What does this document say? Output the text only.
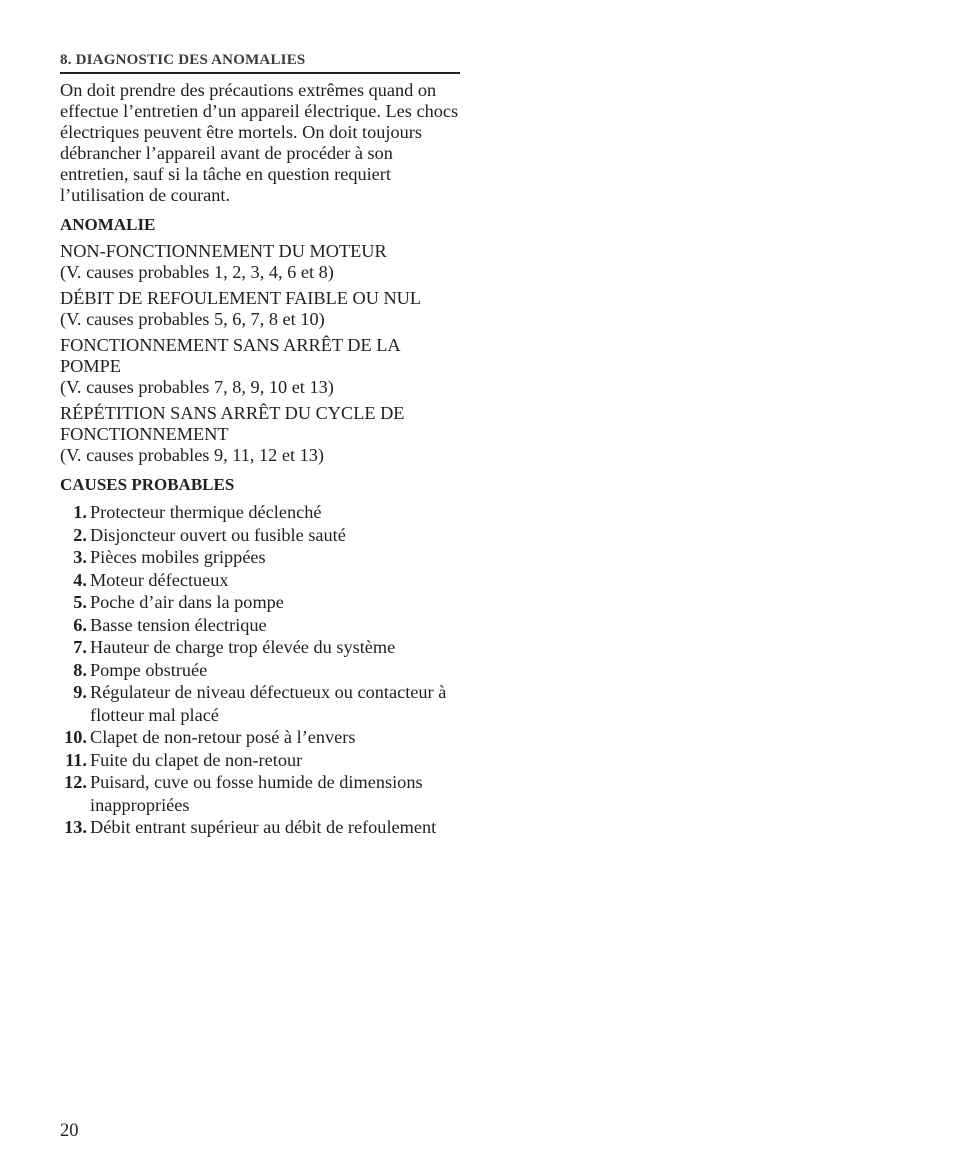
8. DIAGNOSTIC DES ANOMALIES

On doit prendre des précautions extrêmes quand on effectue l’entretien d’un appareil électrique. Les chocs électriques peuvent être mortels. On doit toujours débrancher l’appareil avant de procéder à son entretien, sauf si la tâche en question requiert l’utilisation de courant.

ANOMALIE
NON-FONCTIONNEMENT DU MOTEUR
(V. causes probables 1, 2, 3, 4, 6 et 8)
DÉBIT DE REFOULEMENT FAIBLE OU NUL
(V. causes probables 5, 6, 7, 8 et 10)
FONCTIONNEMENT SANS ARRÊT DE LA POMPE
(V. causes probables 7, 8, 9, 10 et 13)
RÉPÉTITION SANS ARRÊT DU CYCLE DE FONCTIONNEMENT
(V. causes probables 9, 11, 12 et 13)
CAUSES PROBABLES
1. Protecteur thermique déclenché
2. Disjoncteur ouvert ou fusible sauté
3. Pièces mobiles grippées
4. Moteur défectueux
5. Poche d’air dans la pompe
6. Basse tension électrique
7. Hauteur de charge trop élevée du système
8. Pompe obstruée
9. Régulateur de niveau défectueux ou contacteur à flotteur mal placé
10. Clapet de non-retour posé à l’envers
11. Fuite du clapet de non-retour
12. Puisard, cuve ou fosse humide de dimensions inappropriées
13. Débit entrant supérieur au débit de refoulement
20
